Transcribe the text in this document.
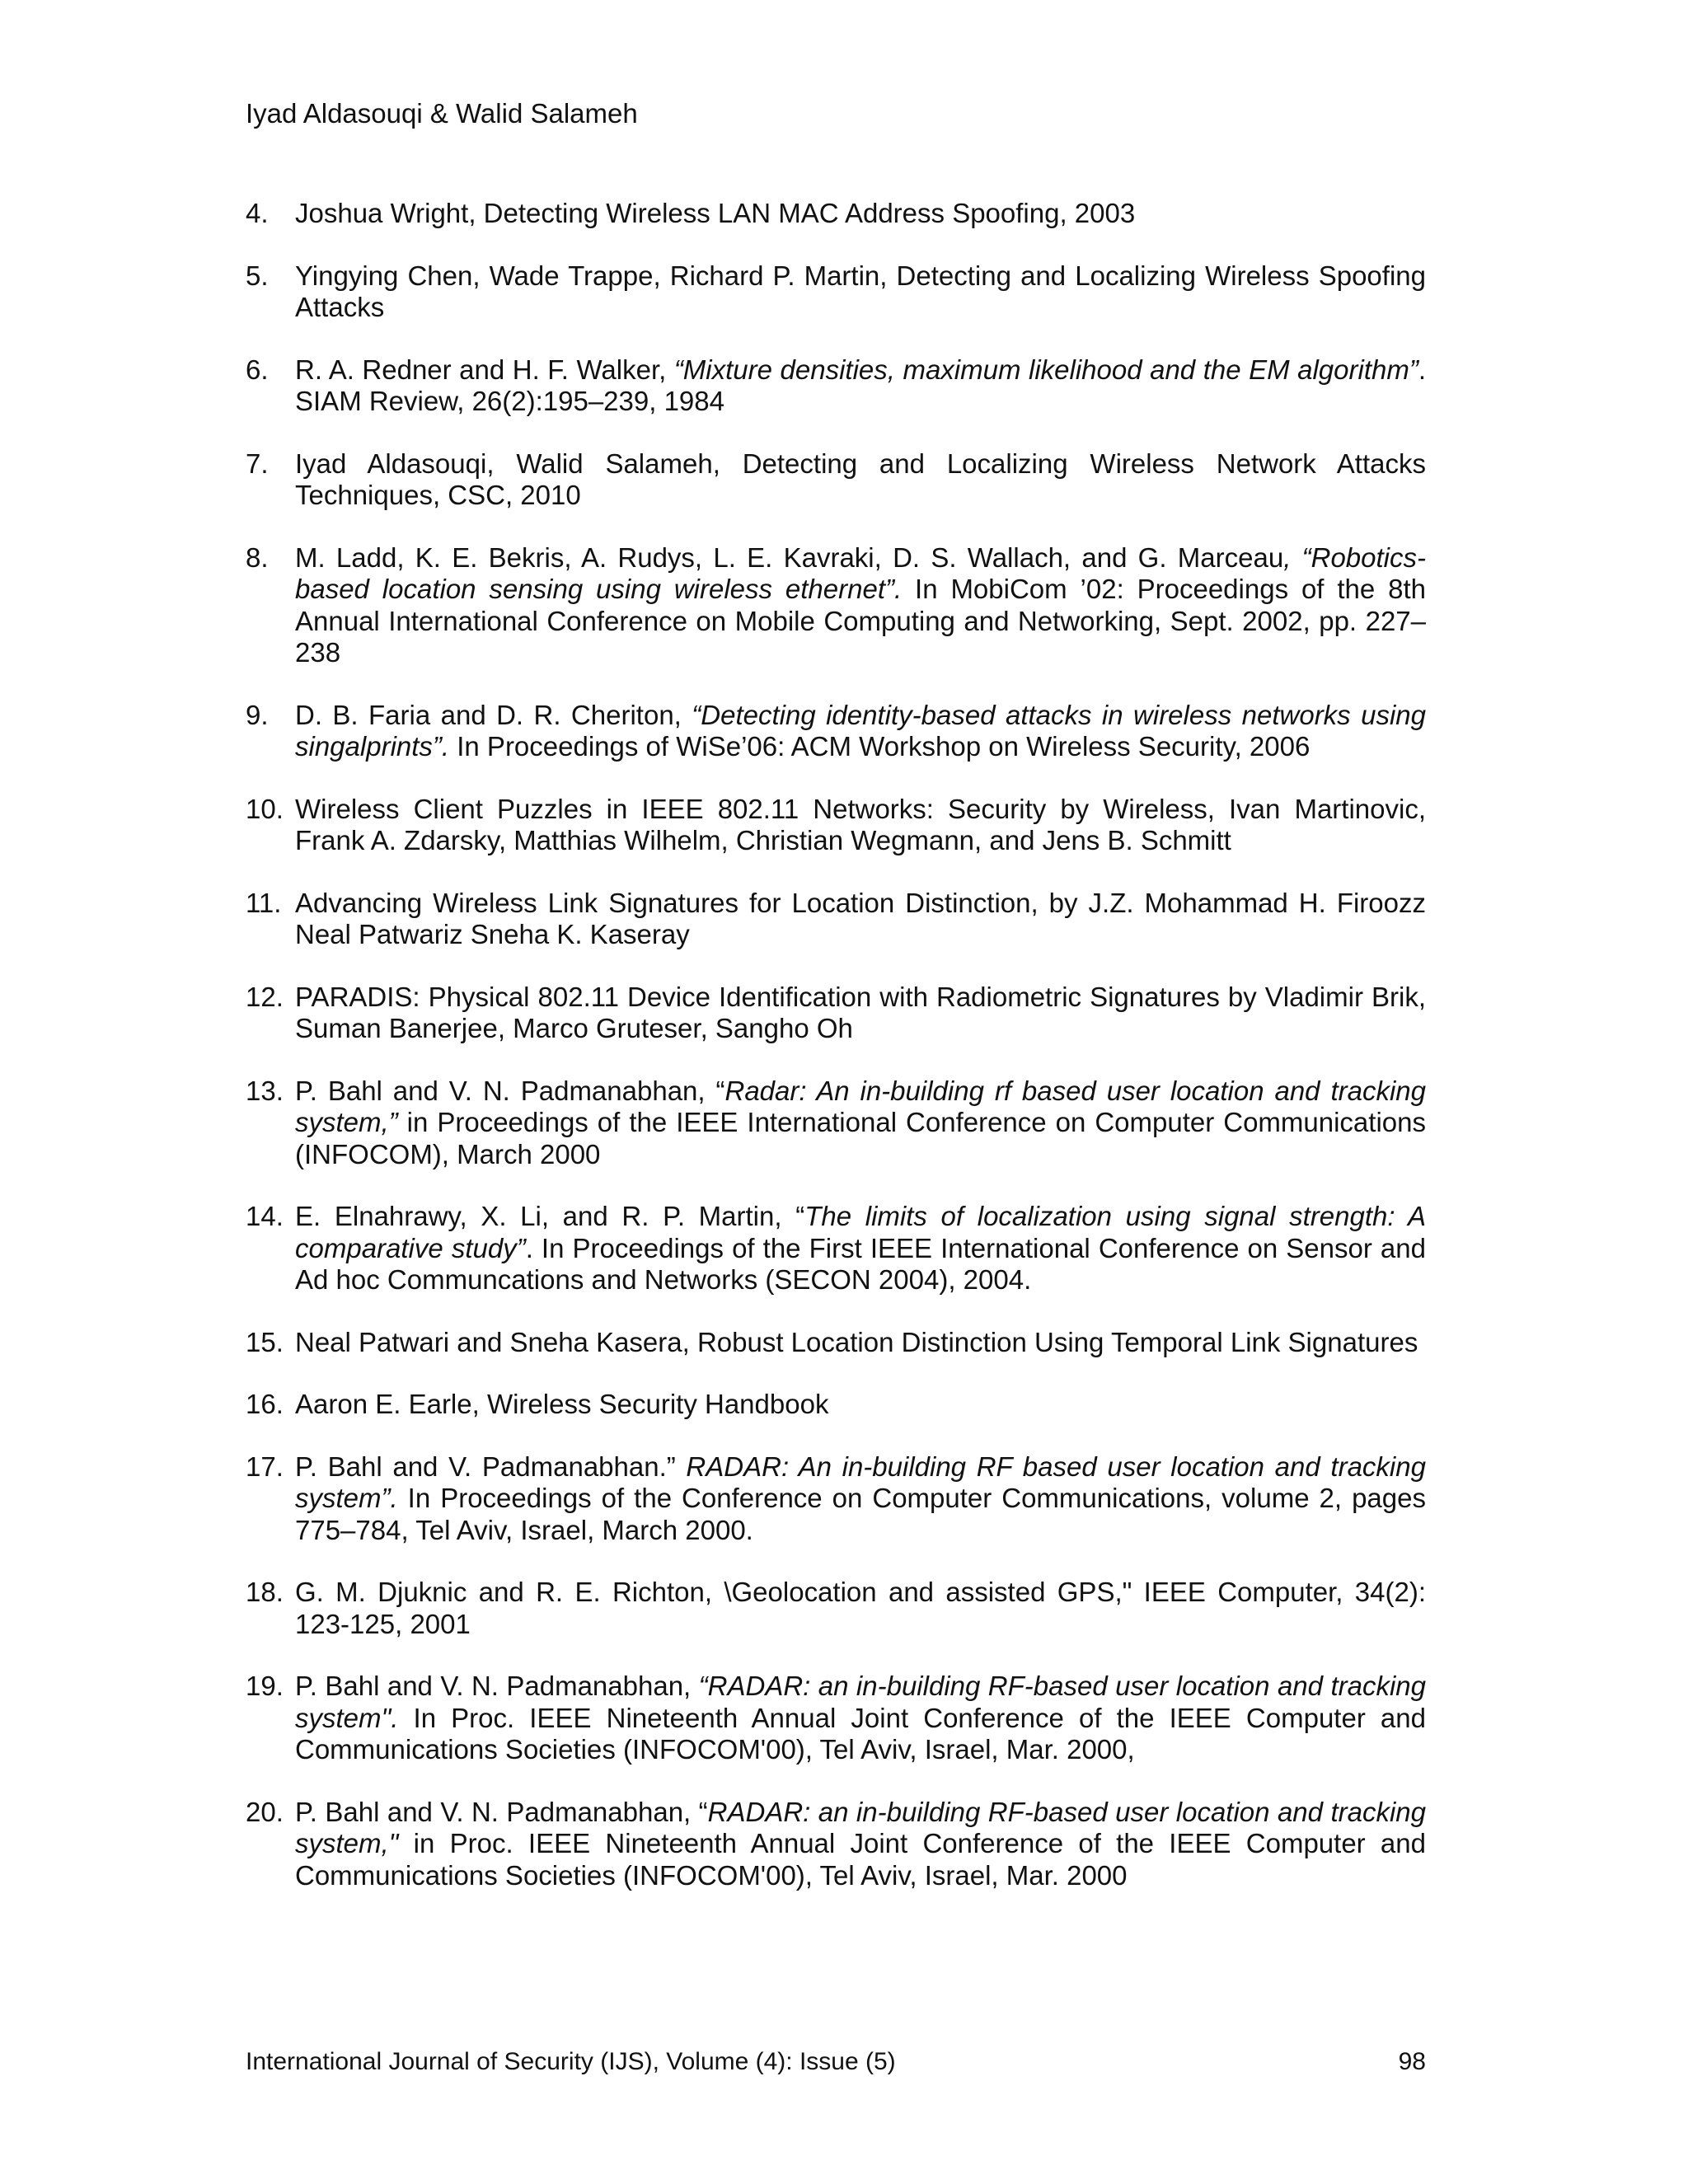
Iyad Aldasouqi & Walid Salameh
4. Joshua Wright, Detecting Wireless LAN MAC Address Spoofing, 2003
5. Yingying Chen, Wade Trappe, Richard P. Martin, Detecting and Localizing Wireless Spoofing Attacks
6. R. A. Redner and H. F. Walker, “Mixture densities, maximum likelihood and the EM algorithm”. SIAM Review, 26(2):195–239, 1984
7. Iyad Aldasouqi, Walid Salameh, Detecting and Localizing Wireless Network Attacks Techniques, CSC, 2010
8. M. Ladd, K. E. Bekris, A. Rudys, L. E. Kavraki, D. S. Wallach, and G. Marceau, “Robotics-based location sensing using wireless ethernet”. In MobiCom ’02: Proceedings of the 8th Annual International Conference on Mobile Computing and Networking, Sept. 2002, pp. 227–238
9. D. B. Faria and D. R. Cheriton, “Detecting identity-based attacks in wireless networks using singalprints”. In Proceedings of WiSe’06: ACM Workshop on Wireless Security, 2006
10. Wireless Client Puzzles in IEEE 802.11 Networks: Security by Wireless, Ivan Martinovic, Frank A. Zdarsky, Matthias Wilhelm, Christian Wegmann, and Jens B. Schmitt
11. Advancing Wireless Link Signatures for Location Distinction, by J.Z. Mohammad H. Firoozz Neal Patwariz Sneha K. Kaseray
12. PARADIS: Physical 802.11 Device Identification with Radiometric Signatures by Vladimir Brik, Suman Banerjee, Marco Gruteser, Sangho Oh
13. P. Bahl and V. N. Padmanabhan, “Radar: An in-building rf based user location and tracking system,” in Proceedings of the IEEE International Conference on Computer Communications (INFOCOM), March 2000
14. E. Elnahrawy, X. Li, and R. P. Martin, “The limits of localization using signal strength: A comparative study”. In Proceedings of the First IEEE International Conference on Sensor and Ad hoc Communcations and Networks (SECON 2004), 2004.
15. Neal Patwari and Sneha Kasera, Robust Location Distinction Using Temporal Link Signatures
16. Aaron E. Earle, Wireless Security Handbook
17. P. Bahl and V. Padmanabhan.” RADAR: An in-building RF based user location and tracking system”. In Proceedings of the Conference on Computer Communications, volume 2, pages 775–784, Tel Aviv, Israel, March 2000.
18. G. M. Djuknic and R. E. Richton, \Geolocation and assisted GPS," IEEE Computer, 34(2): 123-125, 2001
19. P. Bahl and V. N. Padmanabhan, “RADAR: an in-building RF-based user location and tracking system". In Proc. IEEE Nineteenth Annual Joint Conference of the IEEE Computer and Communications Societies (INFOCOM'00), Tel Aviv, Israel, Mar. 2000,
20. P. Bahl and V. N. Padmanabhan, “RADAR: an in-building RF-based user location and tracking system," in Proc. IEEE Nineteenth Annual Joint Conference of the IEEE Computer and Communications Societies (INFOCOM'00), Tel Aviv, Israel, Mar. 2000
International Journal of Security (IJS), Volume (4): Issue (5)	98
